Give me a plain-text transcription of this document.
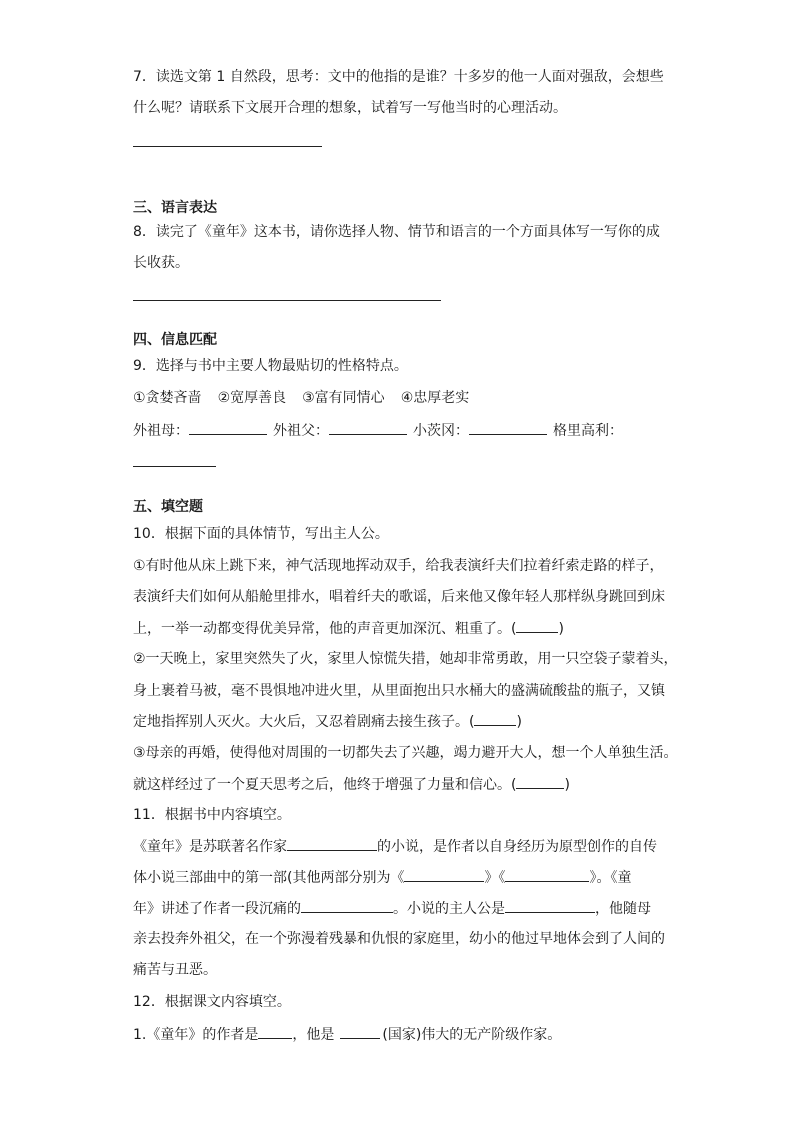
7．读选文第 1 自然段，思考：文中的他指的是谁？十多岁的他一人面对强敌，会想些
什么呢？请联系下文展开合理的想象，试着写一写他当时的心理活动。
三、语言表达
8．读完了《童年》这本书，请你选择人物、情节和语言的一个方面具体写一写你的成
长收获。
四、信息匹配
9．选择与书中主要人物最贴切的性格特点。
①贪婪吝啬 ②宽厚善良 ③富有同情心 ④忠厚老实
外祖母：	外祖父：	小茨冈：	格里高利：
五、填空题
10．根据下面的具体情节，写出主人公。
①有时他从床上跳下来，神气活现地挥动双手，给我表演纤夫们拉着纤索走路的样子，
表演纤夫们如何从船舱里排水，唱着纤夫的歌谣，后来他又像年轻人那样纵身跳回到床
上，一举一动都变得优美异常，他的声音更加深沉、粗重了。(	)
②一天晚上，家里突然失了火，家里人惊慌失措，她却非常勇敢，用一只空袋子蒙着头，
身上裹着马被，毫不畏惧地冲进火里，从里面抱出只水桶大的盛满硫酸盐的瓶子，又镇
定地指挥别人灭火。大火后，又忍着剧痛去接生孩子。(	)
③母亲的再婚，使得他对周围的一切都失去了兴趣，竭力避开大人，想一个人单独生活。
就这样经过了一个夏天思考之后，他终于增强了力量和信心。(	)
11．根据书中内容填空。
《童年》是苏联著名作家	的小说，是作者以自身经历为原型创作的自传
体小说三部曲中的第一部(其他两部分别为《	》《	》。《童
年》讲述了作者一段沉痛的	。小说的主人公是	，他随母
亲去投奔外祖父，在一个弥漫着残暴和仇恨的家庭里，幼小的他过早地体会到了人间的
痛苦与丑恶。
12．根据课文内容填空。
1.《童年》的作者是 ，他是	(国家)伟大的无产阶级作家。
